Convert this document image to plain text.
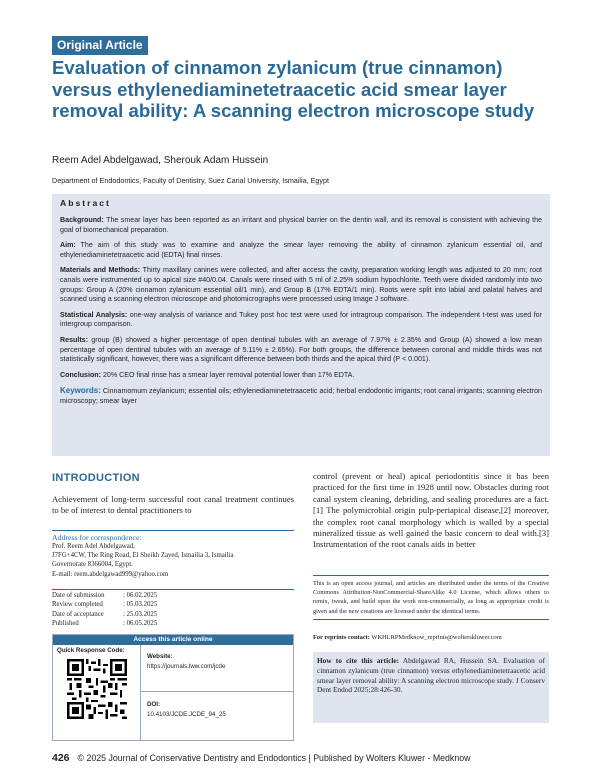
Original Article
Evaluation of cinnamon zylanicum (true cinnamon) versus ethylenediaminetetraacetic acid smear layer removal ability: A scanning electron microscope study
Reem Adel Abdelgawad, Sherouk Adam Hussein
Department of Endodontics, Faculty of Dentistry, Suez Canal University, Ismailia, Egypt
Abstract

Background: The smear layer has been reported as an irritant and physical barrier on the dentin wall, and its removal is consistent with achieving the goal of biomechanical preparation.

Aim: The aim of this study was to examine and analyze the smear layer removing the ability of cinnamon zylanicum essential oil, and ethylenediaminetetraacetic acid (EDTA) final rinses.

Materials and Methods: Thirty maxillary canines were collected, and after access the cavity, preparation working length was adjusted to 20 mm; root canals were instrumented up to apical size #40/0.04. Canals were rinsed with 5 ml of 2.25% sodium hypochlorite. Teeth were divided randomly into two groups: Group A (20% cinnamon zylanicum essential oil/1 min), and Group B (17% EDTA/1 min). Roots were split into labial and palatal halves and scanned using a scanning electron microscope and photomicrographs were processed using Image J software.

Statistical Analysis: one-way analysis of variance and Tukey post hoc test were used for intragroup comparison. The independent t-test was used for intergroup comparison.

Results: group (B) showed a higher percentage of open dentinal tubules with an average of 7.97% ± 2.35% and Group (A) showed a low mean percentage of open dentinal tubules with an average of 5.11% ± 2.65%). For both groups, the difference between coronal and middle thirds was not statistically significant, however, there was a significant difference between both thirds and the apical third (P < 0.001).

Conclusion: 20% CEO final rinse has a smear layer removal potential lower than 17% EDTA.

Keywords: Cinnamomum zeylanicum; essential oils; ethylenediaminetetraacetic acid; herbal endodontic irrigants; root canal irrigants; scanning electron microscopy; smear layer

INTRODUCTION
Achievement of long-term successful root canal treatment continues to be of interest to dental practitioners to
Address for correspondence:
Prof. Reem Adel Abdelgawad,
J7FG+4CW, The Ring Road, El Sheikh Zayed, Ismailia 3, Ismailia
Governorate 8366004, Egypt.
E-mail: reem.abdelgawad999@yahoo.com
Date of submission	: 06.02.2025
Review completed	: 05.03.2025
Date of acceptance	: 25.03.2025
Published	: 06.05.2025
Access this article online
Quick Response Code:
Website:
https://journals.lww.com/jcde
DOI:
10.4103/JCDE.JCDE_94_25
control (prevent or heal) apical periodontitis since it has been practiced for the first time in 1928 until now. Obstacles during root canal system cleaning, debriding, and sealing procedures are a fact.[1] The polymicrobial origin pulp-periapical disease,[2] moreover, the complex root canal morphology which is walled by a special mineralized tissue as well gained the basic concern to deal with.[3] Instrumentation of the root canals aids in better
This is an open access journal, and articles are distributed under the terms of the Creative Commons Attribution-NonCommercial-ShareAlike 4.0 License, which allows others to remix, tweak, and build upon the work non-commercially, as long as appropriate credit is given and the new creations are licensed under the identical terms.
For reprints contact: WKHLRPMedknow_reprints@wolterskluwer.com
How to cite this article: Abdelgawad RA, Hussein SA. Evaluation of cinnamon zylanicum (true cinnamon) versus ethylenediaminetetraacetic acid smear layer removal ability: A scanning electron microscope study. J Conserv Dent Endod 2025;28:426-30.
426 © 2025 Journal of Conservative Dentistry and Endodontics | Published by Wolters Kluwer - Medknow
